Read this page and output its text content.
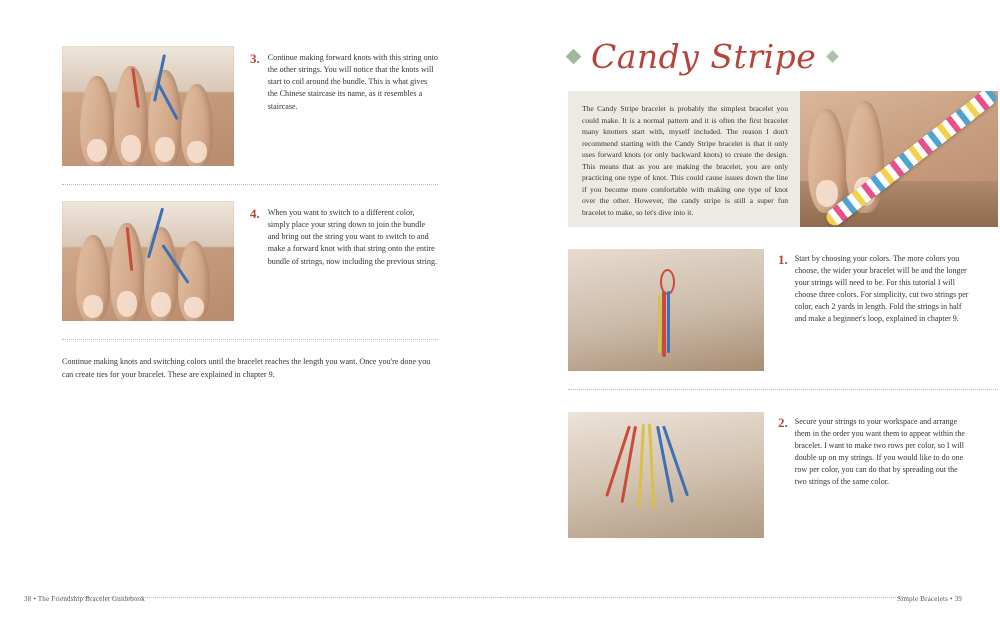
3. Continue making forward knots with this string onto the other strings. You will notice that the knots will start to coil around the bundle. This is what gives the Chinese staircase its name, as it resembles a staircase.
4. When you want to switch to a different color, simply place your string down to join the bundle and bring out the string you want to switch to and make a forward knot with that string onto the entire bundle of strings, now including the previous string.
Continue making knots and switching colors until the bracelet reaches the length you want. Once you're done you can create ties for your bracelet. These are explained in chapter 9.
38 • The Friendship Bracelet Guidebook
Candy Stripe
The Candy Stripe bracelet is probably the simplest bracelet you could make. It is a normal pattern and it is often the first bracelet many knotters start with, myself included. The reason I don't recommend starting with the Candy Stripe bracelet is that it only uses forward knots (or only backward knots) to create the design. This means that as you are making the bracelet, you are only practicing one type of knot. This could cause issues down the line if you become more comfortable with making one type of knot over the other. However, the candy stripe is still a super fun bracelet to make, so let's dive into it.
1. Start by choosing your colors. The more colors you choose, the wider your bracelet will be and the longer your strings will need to be. For this tutorial I will choose three colors. For simplicity, cut two strings per color, each 2 yards in length. Fold the strings in half and make a beginner's loop, explained in chapter 9.
2. Secure your strings to your workspace and arrange them in the order you want them to appear within the bracelet. I want to make two rows per color, so I will double up on my strings. If you would like to do one row per color, you can do that by spreading out the two strings of the same color.
Simple Bracelets • 39
